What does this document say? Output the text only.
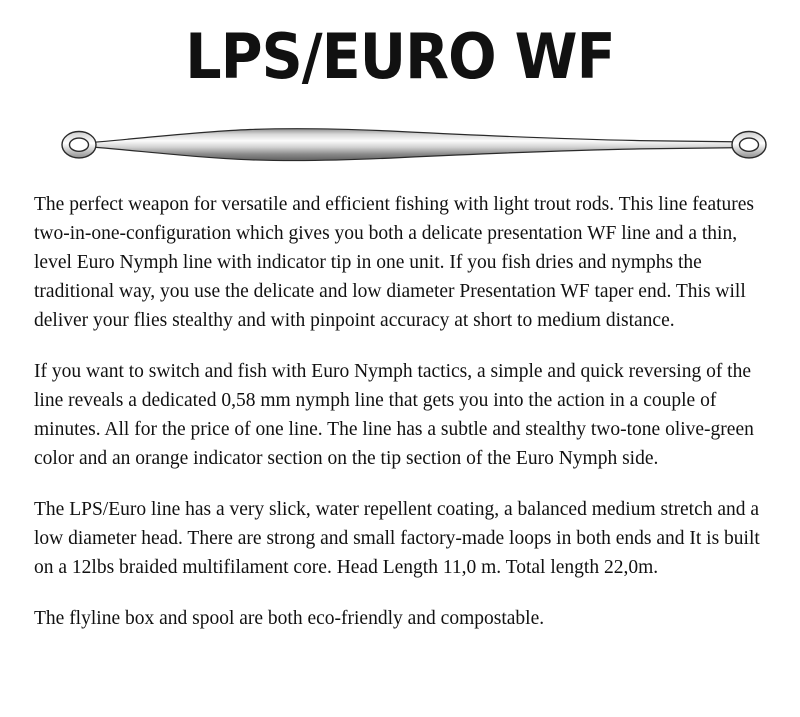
LPS/EURO WF

The perfect weapon for versatile and efficient fishing with light trout rods. This line features two-in-one-configuration which gives you both a delicate presentation WF line and a thin, level Euro Nymph line with indicator tip in one unit. If you fish dries and nymphs the traditional way, you use the delicate and low diameter Presentation WF taper end. This will deliver your flies stealthy and with pinpoint accuracy at short to medium distance.

If you want to switch and fish with Euro Nymph tactics, a simple and quick reversing of the line reveals a dedicated 0,58 mm nymph line that gets you into the action in a couple of minutes. All for the price of one line. The line has a subtle and stealthy two-tone olive-green color and an orange indicator section on the tip section of the Euro Nymph side.

The LPS/Euro line has a very slick, water repellent coating, a balanced medium stretch and a low diameter head. There are strong and small factory-made loops in both ends and It is built on a 12lbs braided multifilament core. Head Length 11,0 m. Total length 22,0m.

The flyline box and spool are both eco-friendly and compostable.
